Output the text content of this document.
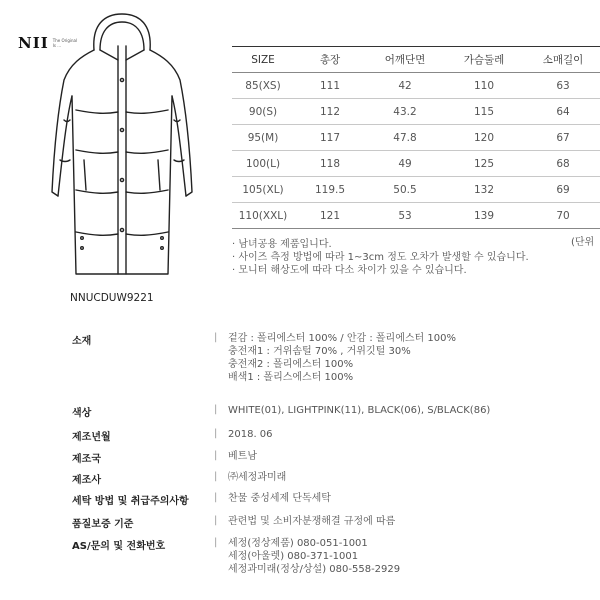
NII The Original Is ...
NNUCDUW9221
SIZE	총장	어깨단면	가슴둘레	소매길이
85(XS)	111	42	110	63
90(S)	112	43.2	115	64
95(M)	117	47.8	120	67
100(L)	118	49	125	68
105(XL)	119.5	50.5	132	69
110(XXL)	121	53	139	70
(단위
· 남녀공용 제품입니다.
· 사이즈 측정 방법에 따라 1~3cm 정도 오차가 발생할 수 있습니다.
· 모니터 해상도에 따라 다소 차이가 있을 수 있습니다.
소재	|	겉감 : 폴리에스터 100% / 안감 : 폴리에스터 100%
충전재1 : 거위솜털 70% , 거위깃털 30%
충전재2 : 폴리에스터 100%
배색1 : 폴리스에스터 100%
색상	|	WHITE(01), LIGHTPINK(11), BLACK(06), S/BLACK(86)
제조년월	|	2018. 06
제조국	|	베트남
제조사	|	㈜세정과미래
세탁 방법 및 취급주의사항	|	찬물 중성세제 단독세탁
품질보증 기준	|	관련법 및 소비자분쟁해결 규정에 따름
AS/문의 및 전화번호	|	세정(정상제품) 080-051-1001
세정(아울렛) 080-371-1001
세정과미래(정상/상설) 080-558-2929
